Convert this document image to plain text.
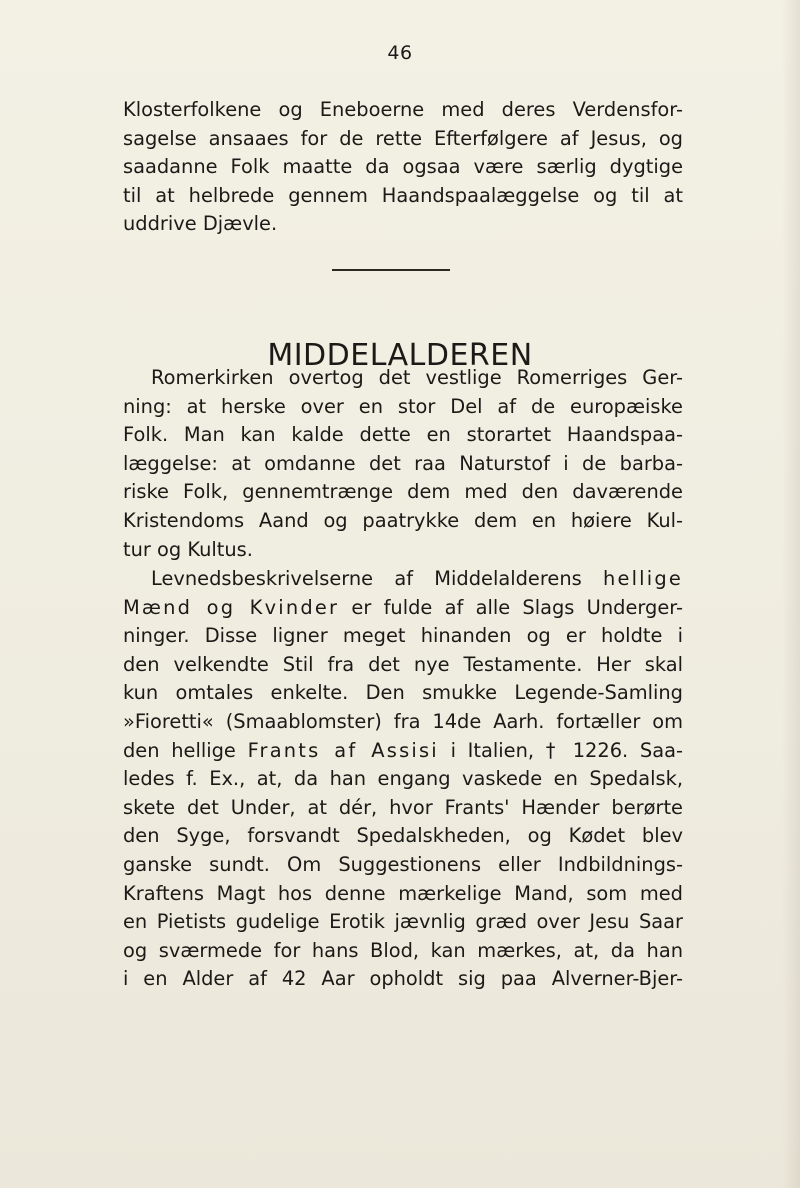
46
Klosterfolkene og Eneboerne med deres Verdensfor-
sagelse ansaaes for de rette Efterfølgere af Jesus, og
saadanne Folk maatte da ogsaa være særlig dygtige
til at helbrede gennem Haandspaalæggelse og til at
uddrive Djævle.
MIDDELALDEREN
Romerkirken overtog det vestlige Romerriges Ger-
ning: at herske over en stor Del af de europæiske
Folk. Man kan kalde dette en storartet Haandspaa-
læggelse: at omdanne det raa Naturstof i de barba-
riske Folk, gennemtrænge dem med den daværende
Kristendoms Aand og paatrykke dem en høiere Kul-
tur og Kultus.
Levnedsbeskrivelserne af Middelalderens hellige
Mænd og Kvinder er fulde af alle Slags Underger-
ninger. Disse ligner meget hinanden og er holdte i
den velkendte Stil fra det nye Testamente. Her skal
kun omtales enkelte. Den smukke Legende-Samling
»Fioretti« (Smaablomster) fra 14de Aarh. fortæller om
den hellige Frants af Assisi i Italien, † 1226. Saa-
ledes f. Ex., at, da han engang vaskede en Spedalsk,
skete det Under, at dér, hvor Frants' Hænder berørte
den Syge, forsvandt Spedalskheden, og Kødet blev
ganske sundt. Om Suggestionens eller Indbildnings-
Kraftens Magt hos denne mærkelige Mand, som med
en Pietists gudelige Erotik jævnlig græd over Jesu Saar
og sværmede for hans Blod, kan mærkes, at, da han
i en Alder af 42 Aar opholdt sig paa Alverner-Bjer-
